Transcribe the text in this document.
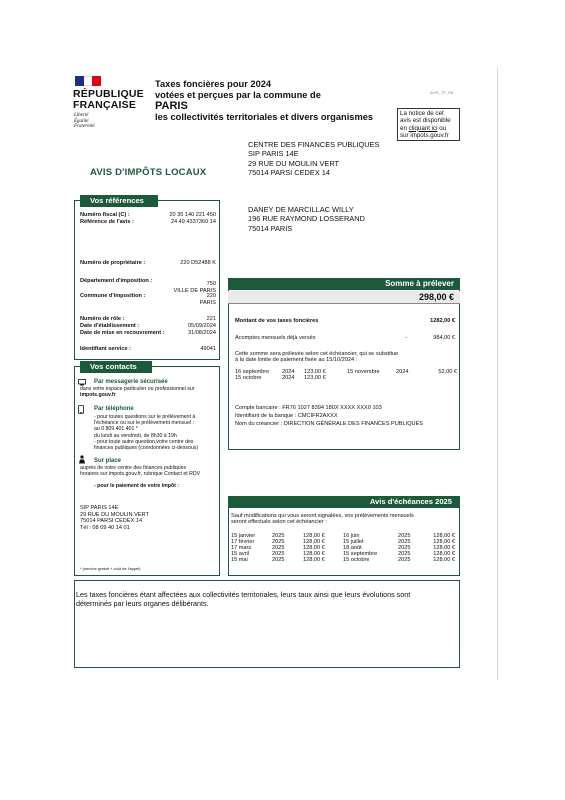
RÉPUBLIQUE
FRANÇAISE
Liberté
Égalité
Fraternité
Taxes foncières pour 2024
votées et perçues par la commune de
PARIS
les collectivités territoriales et divers organismes
AVIS_TF_R6
La notice de cet
avis est disponible
en cliquant ici ou
sur impots.gouv.fr
CENTRE DES FINANCES PUBLIQUES
SIP PARIS 14E
29 RUE DU MOULIN VERT
75014 PARSI CEDEX 14
AVIS D'IMPÔTS LOCAUX
DANEY DE MARCILLAC WILLY
196 RUE RAYMOND LOSSERAND
75014 PARIS
Vos références
Numéro fiscal (C) :	20 35 140 221 450
Référence de l'avis :	24 49 4337360 14
Numéro de propriétaire :	220 D52488 K
Département d'imposition :	750
VILLE DE PARIS
Commune d'imposition :	220
PARIS
Numéro de rôle :	221
Date d'établissement :	05/09/2024
Date de mise en recouvrement :	31/08/2024
Identifiant service :	49041
Vos contacts
Par messagerie sécurisée
dans votre espace particulier ou professionnel sur
impots.gouv.fr
Par téléphone
- pour toutes questions sur le prélèvement à
l'échéance ou sur le prélèvement mensuel :
au 0 809 401 401 *
du lundi au vendredi, de 8h30 à 19h
- pour toute autre question,votre centre des
finances publiques (coordonnées ci-dessous)
Sur place
auprès de votre centre des finances publiques
horaires sur impots.gouv.fr, rubrique Contact et RDV
- pour le paiement de votre impôt :
SIP PARIS 14E
29 RUE DU MOULIN VERT
75014 PARSI CEDEX 14
Tél : 08 09 40 14 01
* (service gratuit + coût de l'appel)
Somme à prélever
298,00 €
Montant de vos taxes foncières	1282,00 €
Acomptes mensuels déjà versés	-	984,00 €
Cette somme sera prélevée selon cet échéancier, qui se substitue
à la date limite de paiement fixée au 15/10/2024 :
16 septembre 2024 123,00 €
15 octobre	2024 123,00 €
15 novembre	2024	52,00 €
Compte bancaire : FR76 1027 8394 180X XXXX XXX0 103
Identifiant de la banque : CMCIFR2AXXX
Nom du créancier : DIRECTION GÉNÉRALE DES FINANCES PUBLIQUES
Avis d'échéances 2025
Sauf modifications qui vous seront signalées, vos prélèvements mensuels
seront effectués selon cet échéancier :
15 janvier	2025	128,00 €
17 février	2025	128,00 €
17 mars	2025	128,00 €
15 avril	2025	128,00 €
15 mai	2025	128,00 €
16 juin	2025	128,00 €
15 juillet	2025	128,00 €
18 août	2025	128,00 €
15 septembre	2025	128,00 €
15 octobre	2025	128,00 €
Les taxes foncières étant affectées aux collectivités territoriales, leurs taux ainsi que leurs évolutions sont
déterminés par leurs organes délibérants.
